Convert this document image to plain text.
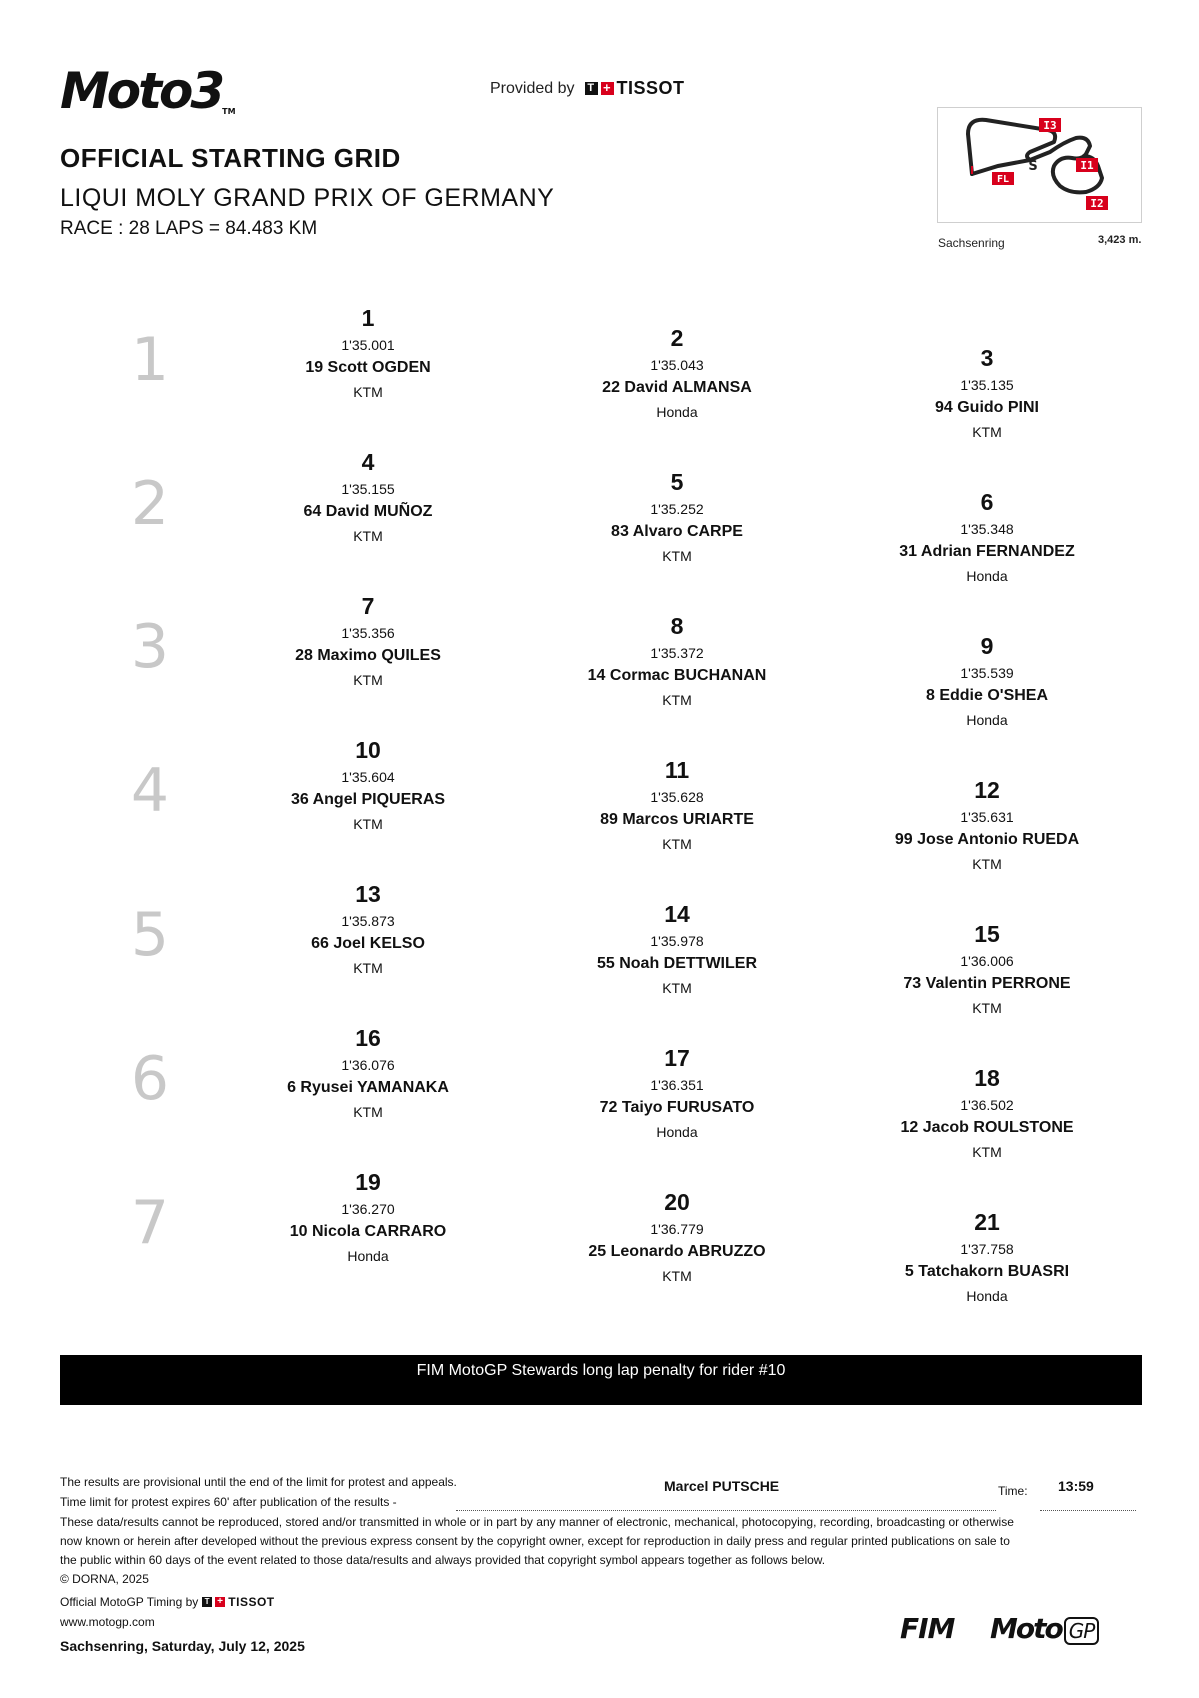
Moto3TM
Provided by T + TISSOT
OFFICIAL STARTING GRID
LIQUI MOLY GRAND PRIX OF GERMANY
RACE : 28 LAPS = 84.483 KM
I3
I1
I2
FL
S
Sachsenring	3,423 m.
1
2
3
4
5
6
7
1
1'35.001
19 Scott OGDEN
KTM
2
1'35.043
22 David ALMANSA
Honda
3
1'35.135
94 Guido PINI
KTM
4
1'35.155
64 David MUÑOZ
KTM
5
1'35.252
83 Alvaro CARPE
KTM
6
1'35.348
31 Adrian FERNANDEZ
Honda
7
1'35.356
28 Maximo QUILES
KTM
8
1'35.372
14 Cormac BUCHANAN
KTM
9
1'35.539
8 Eddie O'SHEA
Honda
10
1'35.604
36 Angel PIQUERAS
KTM
11
1'35.628
89 Marcos URIARTE
KTM
12
1'35.631
99 Jose Antonio RUEDA
KTM
13
1'35.873
66 Joel KELSO
KTM
14
1'35.978
55 Noah DETTWILER
KTM
15
1'36.006
73 Valentin PERRONE
KTM
16
1'36.076
6 Ryusei YAMANAKA
KTM
17
1'36.351
72 Taiyo FURUSATO
Honda
18
1'36.502
12 Jacob ROULSTONE
KTM
19
1'36.270
10 Nicola CARRARO
Honda
20
1'36.779
25 Leonardo ABRUZZO
KTM
21
1'37.758
5 Tatchakorn BUASRI
Honda
FIM MotoGP Stewards long lap penalty for rider #10
The results are provisional until the end of the limit for protest and appeals.
Time limit for protest expires 60' after publication of the results -
Marcel PUTSCHE	Time: 13:59
These data/results cannot be reproduced, stored and/or transmitted in whole or in part by any manner of electronic, mechanical, photocopying, recording, broadcasting or otherwise
now known or herein after developed without the previous express consent by the copyright owner, except for reproduction in daily press and regular printed publications on sale to
the public within 60 days of the event related to those data/results and always provided that copyright symbol appears together as follows below.
© DORNA, 2025
Official MotoGP Timing by T + TISSOT
www.motogp.com
Sachsenring, Saturday, July 12, 2025
FIM Moto GP
